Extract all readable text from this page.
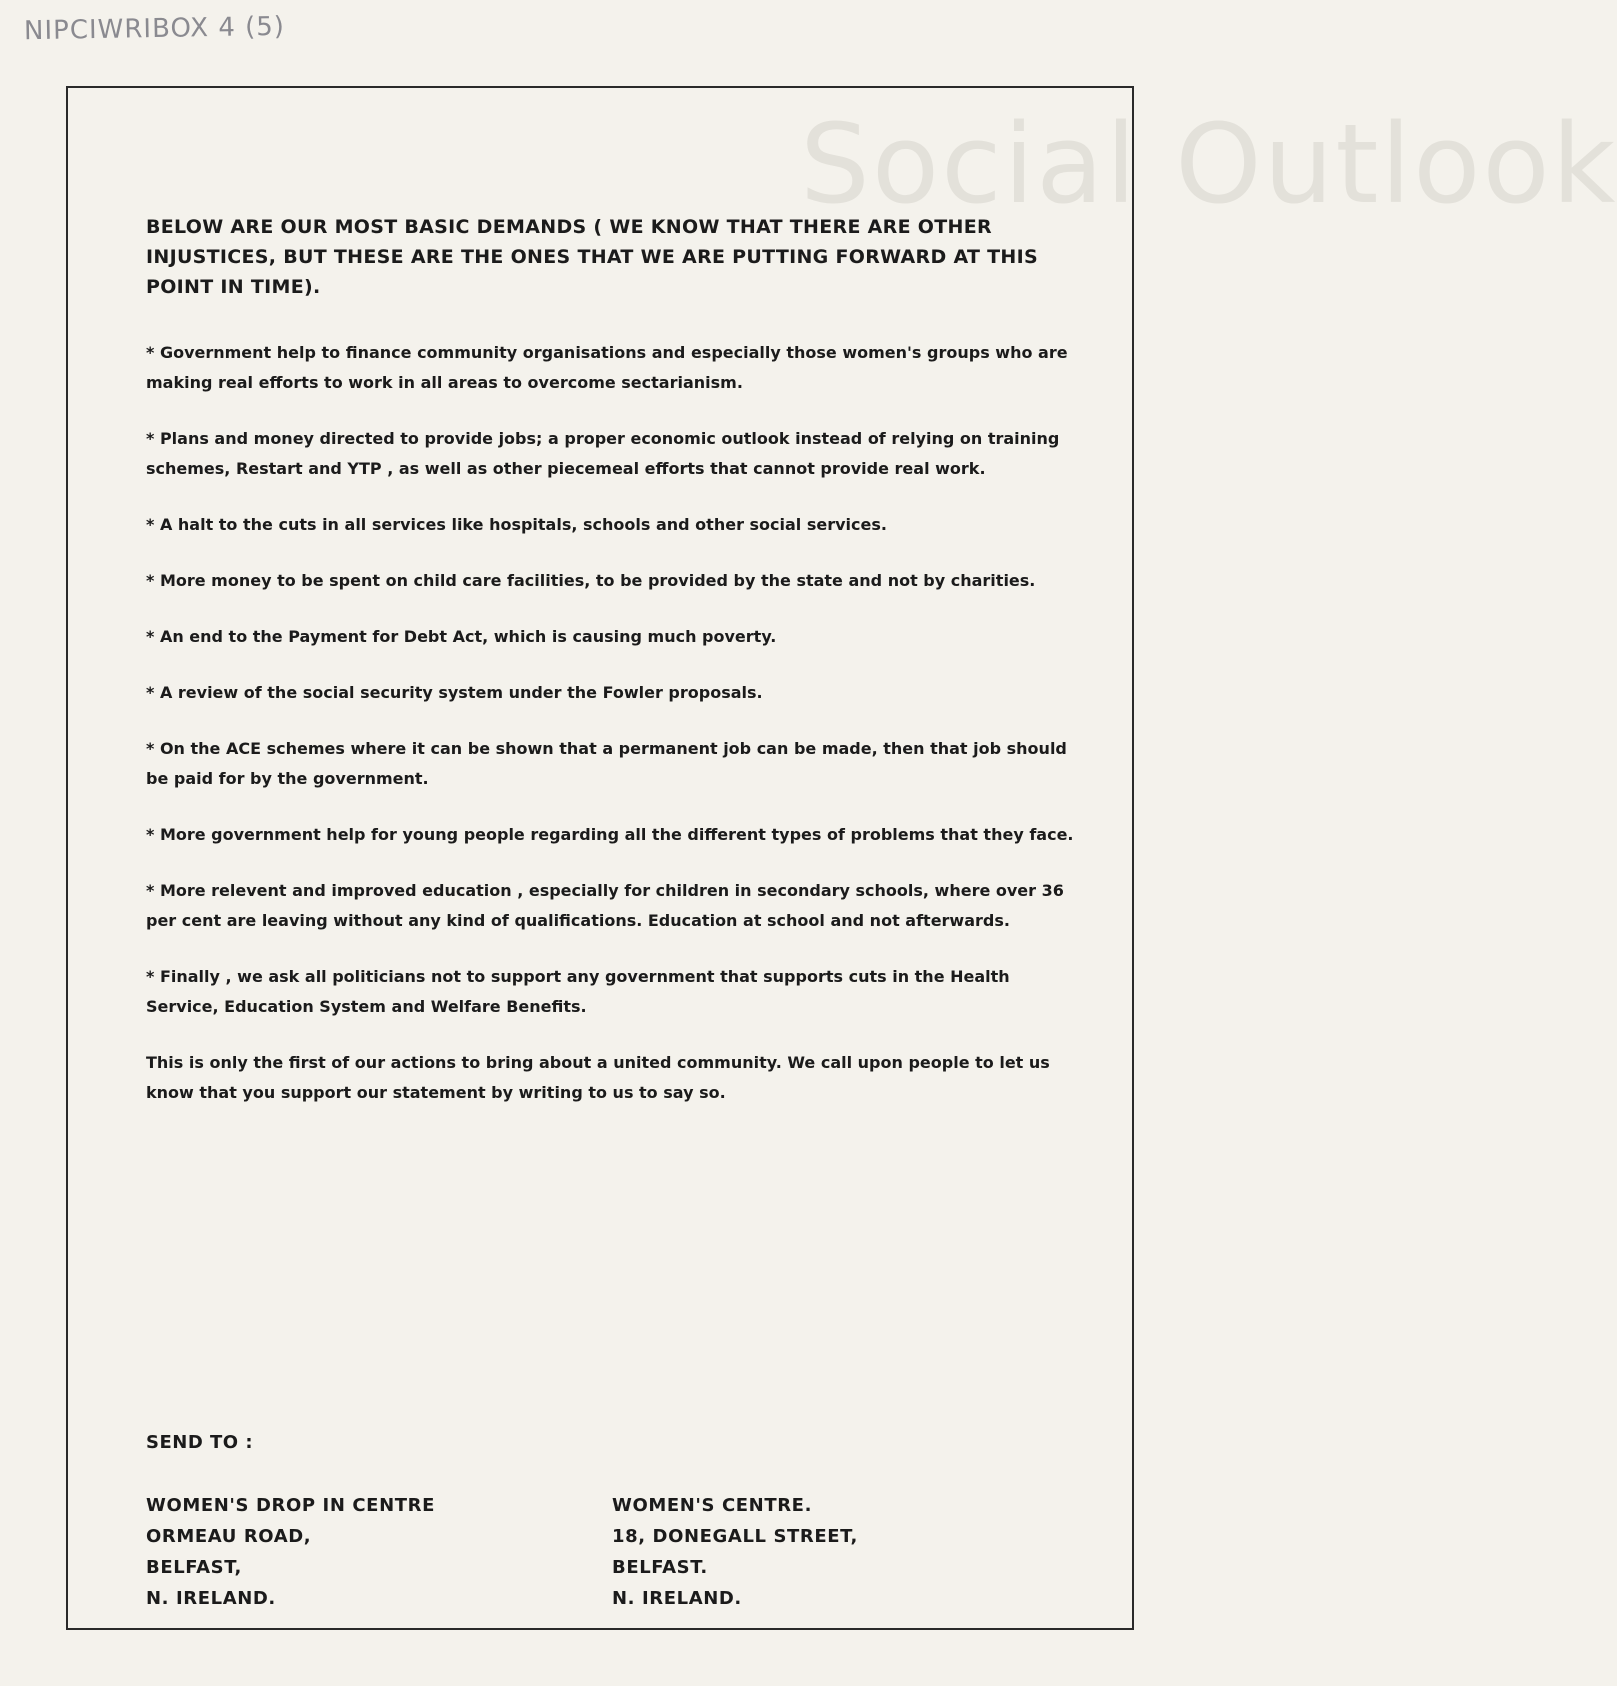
NIPCIWRIBOX 4 (5)
Social Outlook

BELOW ARE OUR MOST BASIC DEMANDS ( WE KNOW THAT THERE ARE OTHER INJUSTICES, BUT THESE ARE THE ONES THAT WE ARE PUTTING FORWARD AT THIS POINT IN TIME).

* Government help to finance community organisations and especially those women's groups who are making real efforts to work in all areas to overcome sectarianism.
* Plans and money directed to provide jobs; a proper economic outlook instead of relying on training schemes, Restart and YTP , as well as other piecemeal efforts that cannot provide real work.
* A halt to the cuts in all services like hospitals, schools and other social services.
* More money to be spent on child care facilities, to be provided by the state and not by charities.
* An end to the Payment for Debt Act, which is causing much poverty.
* A review of the social security system under the Fowler proposals.
* On the ACE schemes where it can be shown that a permanent job can be made, then that job should be paid for by the government.
* More government help for young people regarding all the different types of problems that they face.
* More relevent and improved education , especially for children in secondary schools, where over 36 per cent are leaving without any kind of qualifications. Education at school and not afterwards.
* Finally , we ask all politicians not to support any government that supports cuts in the Health Service, Education System and Welfare Benefits.

This is only the first of our actions to bring about a united community. We call upon people to let us know that you support our statement by writing to us to say so.

SEND TO :
WOMEN'S DROP IN CENTRE
ORMEAU ROAD,
BELFAST,
N. IRELAND.
WOMEN'S CENTRE.
18, DONEGALL STREET,
BELFAST.
N. IRELAND.
